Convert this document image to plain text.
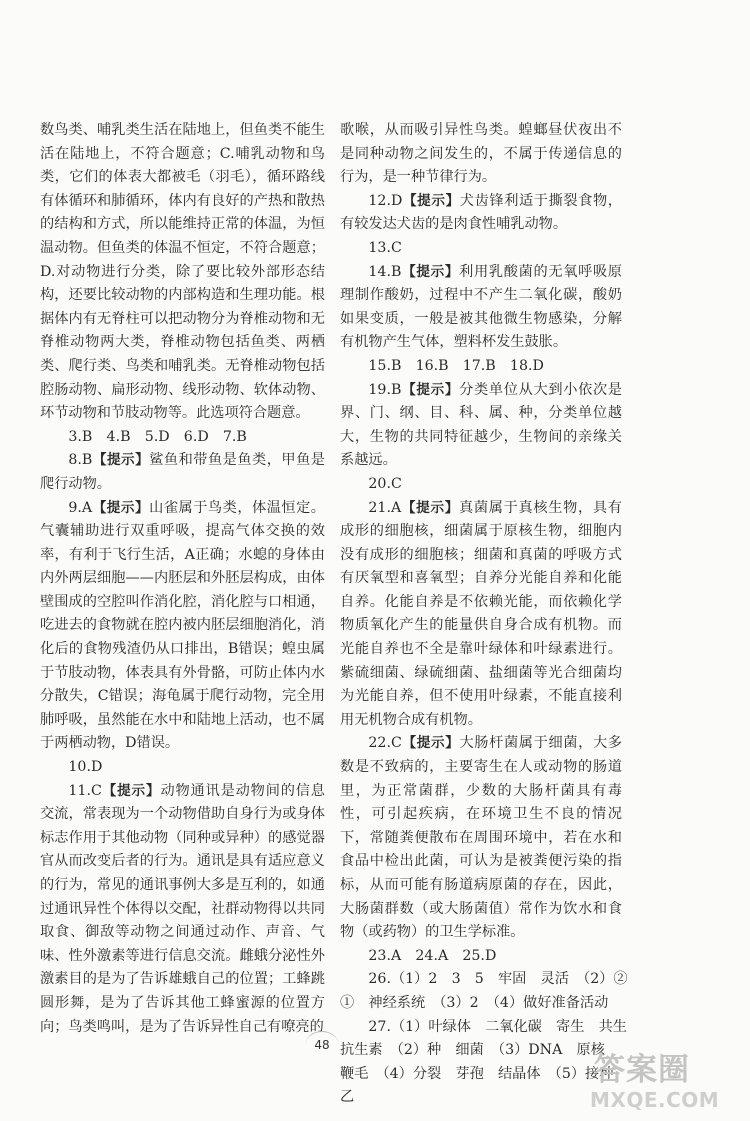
数鸟类、哺乳类生活在陆地上，但鱼类不能生活在陆地上，不符合题意；C.哺乳动物和鸟类，它们的体表大都被毛（羽毛），循环路线有体循环和肺循环，体内有良好的产热和散热的结构和方式，所以能维持正常的体温，为恒温动物。但鱼类的体温不恒定，不符合题意；D.对动物进行分类，除了要比较外部形态结构，还要比较动物的内部构造和生理功能。根据体内有无脊柱可以把动物分为脊椎动物和无脊椎动物两大类，脊椎动物包括鱼类、两栖类、爬行类、鸟类和哺乳类。无脊椎动物包括腔肠动物、扁形动物、线形动物、软体动物、环节动物和节肢动物等。此选项符合题意。

3.B　4.B　5.D　6.D　7.B

8.B【提示】鲨鱼和带鱼是鱼类，甲鱼是爬行动物。

9.A【提示】山雀属于鸟类，体温恒定。气囊辅助进行双重呼吸，提高气体交换的效率，有利于飞行生活，A正确；水螅的身体由内外两层细胞——内胚层和外胚层构成，由体壁围成的空腔叫作消化腔，消化腔与口相通，吃进去的食物就在腔内被内胚层细胞消化，消化后的食物残渣仍从口排出，B错误；蝗虫属于节肢动物，体表具有外骨骼，可防止体内水分散失，C错误；海龟属于爬行动物，完全用肺呼吸，虽然能在水中和陆地上活动，也不属于两栖动物，D错误。

10.D

11.C【提示】动物通讯是动物间的信息交流，常表现为一个动物借助自身行为或身体标志作用于其他动物（同种或异种）的感觉器官从而改变后者的行为。通讯是具有适应意义的行为，常见的通讯事例大多是互利的，如通过通讯异性个体得以交配，社群动物得以共同取食、御敌等动物之间通过动作、声音、气味、性外激素等进行信息交流。雌蛾分泌性外激素目的是为了告诉雄蛾自己的位置；工蜂跳圆形舞，是为了告诉其他工蜂蜜源的位置方向；鸟类鸣叫，是为了告诉异性自己有嘹亮的

歌喉，从而吸引异性鸟类。蝗螂昼伏夜出不是同种动物之间发生的，不属于传递信息的行为，是一种节律行为。

12.D【提示】犬齿锋利适于撕裂食物，有较发达犬齿的是肉食性哺乳动物。

13.C

14.B【提示】利用乳酸菌的无氧呼吸原理制作酸奶，过程中不产生二氧化碳，酸奶如果变质，一般是被其他微生物感染，分解有机物产生气体，塑料杯发生鼓胀。

15.B　16.B　17.B　18.D

19.B【提示】分类单位从大到小依次是界、门、纲、目、科、属、种，分类单位越大，生物的共同特征越少，生物间的亲缘关系越远。

20.C

21.A【提示】真菌属于真核生物，具有成形的细胞核，细菌属于原核生物，细胞内没有成形的细胞核；细菌和真菌的呼吸方式有厌氧型和喜氧型；自养分光能自养和化能自养。化能自养是不依赖光能，而依赖化学物质氧化产生的能量供自身合成有机物。而光能自养也不全是靠叶绿体和叶绿素进行。紫硫细菌、绿硫细菌、盐细菌等光合细菌均为光能自养，但不使用叶绿素，不能直接利用无机物合成有机物。

22.C【提示】大肠杆菌属于细菌，大多数是不致病的，主要寄生在人或动物的肠道里，为正常菌群，少数的大肠杆菌具有毒性，可引起疾病，在环境卫生不良的情况下，常随粪便散布在周围环境中，若在水和食品中检出此菌，可认为是被粪便污染的指标，从而可能有肠道病原菌的存在，因此，大肠菌群数（或大肠菌值）常作为饮水和食物（或药物）的卫生学标准。

23.A　24.A　25.D

26.（1）2　3　5　牢固　灵活　（2）②

①　神经系统　（3）2　（4）做好准备活动

27.（1）叶绿体　二氧化碳　寄生　共生

抗生素　（2）种　细菌　（3）DNA　原核

鞭毛　（4）分裂　芽孢　结晶体　（5）接种

乙

48
答案圈
MXQE.COM
